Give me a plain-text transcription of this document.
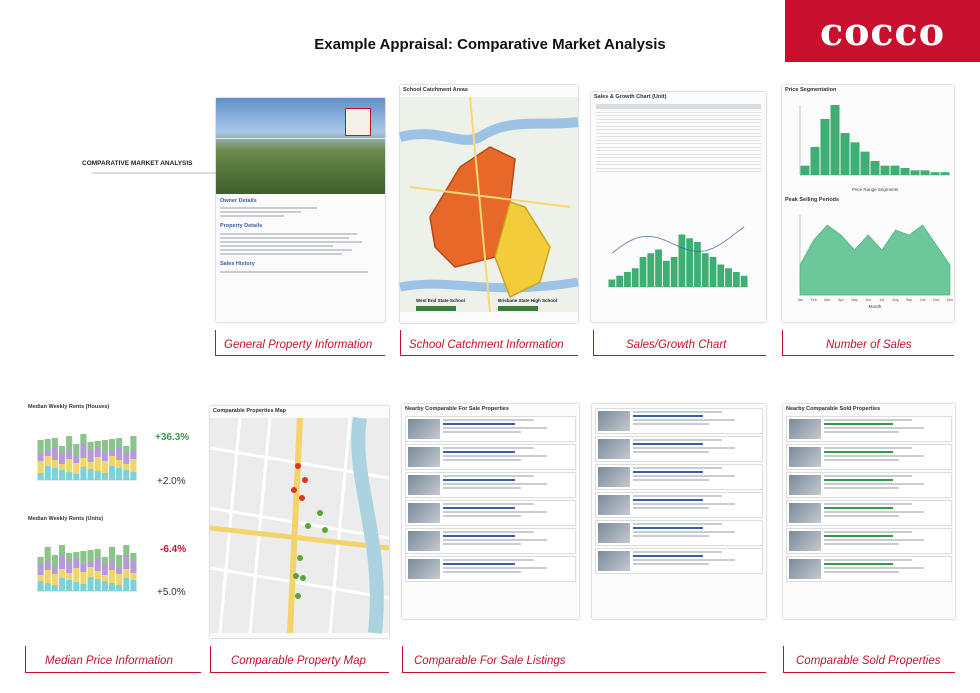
cocco
Example Appraisal: Comparative Market Analysis
COMPARATIVE MARKET ANALYSIS
Owner Details
Property Details
Sales History
School Catchment Areas
West End State School	Brisbane State High School
Sales & Growth Chart (Unit)
Price Segmentation
Price Range Segments
Peak Selling Periods
Jan Feb Mar Apr May Jun Jul Aug Sep Oct Nov Dec
Month
Median Weekly Rents (Houses)
+36.3%
+2.0%
Median Weekly Rents (Units)
-6.4%
+5.0%
Comparable Properties Map	Nearby Comparable For Sale Properties	Nearby Comparable Sold Properties
General Property Information	School Catchment Information	Sales/Growth Chart	Number of Sales
Median Price Information	Comparable Property Map	Comparable For Sale Listings	Comparable Sold Properties
